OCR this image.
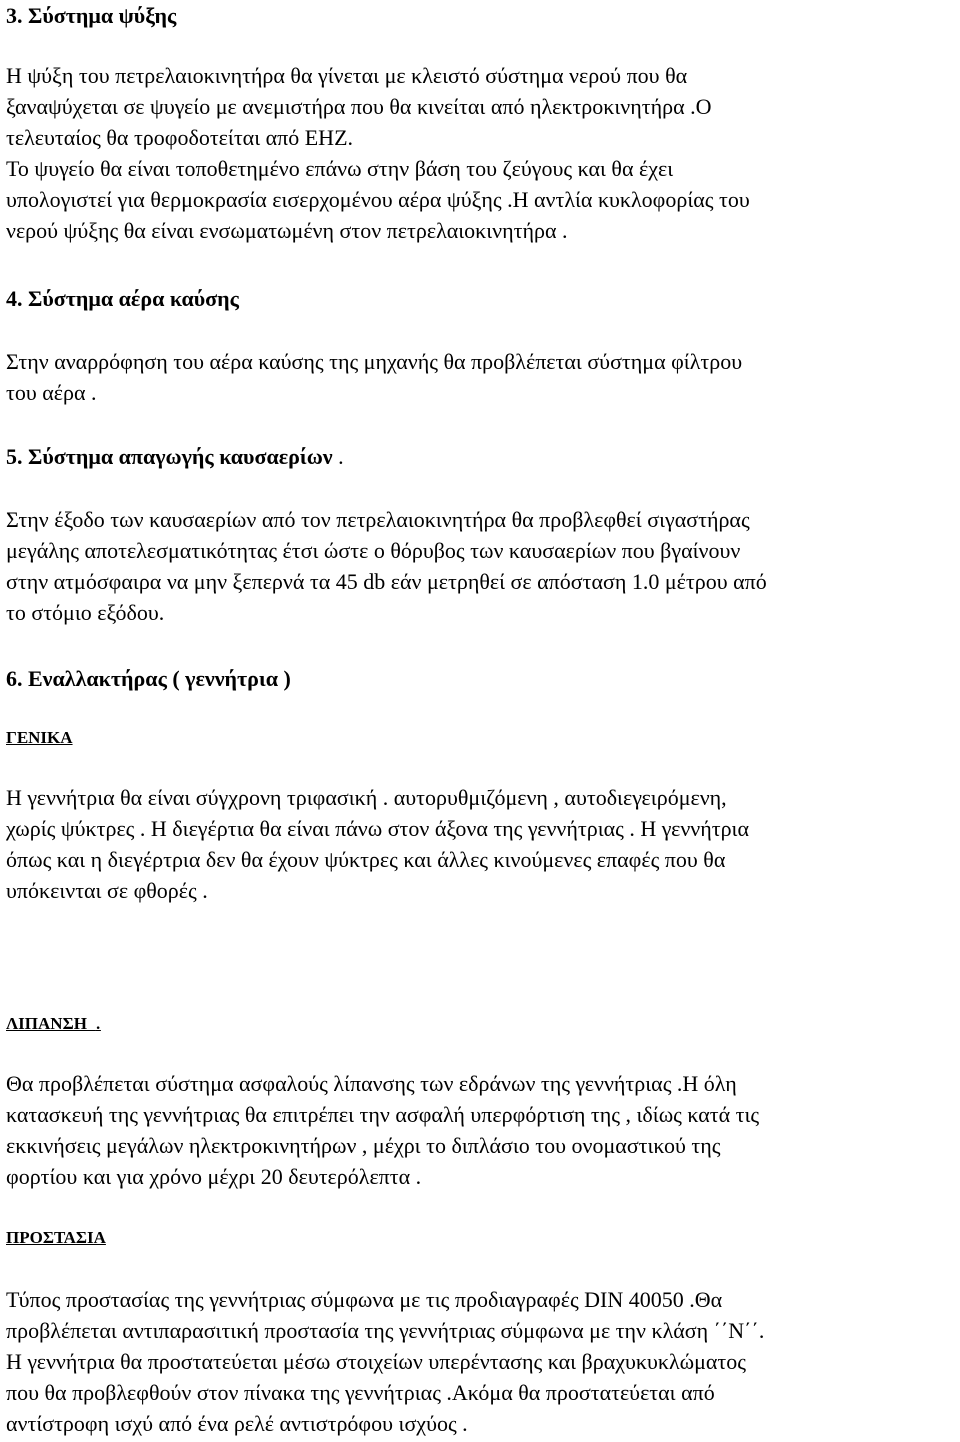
3. Σύστημα ψύξης
Η ψύξη του πετρελαιοκινητήρα θα γίνεται με κλειστό σύστημα νερού που θα
ξαναψύχεται σε ψυγείο με ανεμιστήρα που θα κινείται από ηλεκτροκινητήρα .Ο
τελευταίος θα τροφοδοτείται από ΕΗΖ.
Το ψυγείο θα είναι τοποθετημένο επάνω στην βάση του ζεύγους και θα έχει
υπολογιστεί για θερμοκρασία εισερχομένου αέρα ψύξης .Η αντλία κυκλοφορίας του
νερού ψύξης θα είναι ενσωματωμένη στον πετρελαιοκινητήρα .
4. Σύστημα αέρα καύσης
Στην αναρρόφηση του αέρα καύσης της μηχανής θα προβλέπεται σύστημα φίλτρου
του αέρα .
5. Σύστημα απαγωγής καυσαερίων .
Στην έξοδο των καυσαερίων από τον πετρελαιοκινητήρα θα προβλεφθεί σιγαστήρας
μεγάλης αποτελεσματικότητας έτσι ώστε ο θόρυβος των καυσαερίων που βγαίνουν
στην ατμόσφαιρα να μην ξεπερνά τα 45 db εάν μετρηθεί σε απόσταση 1.0 μέτρου από
το στόμιο εξόδου.
6. Εναλλακτήρας ( γεννήτρια )
ΓΕΝΙΚΑ
Η γεννήτρια θα είναι σύγχρονη τριφασική . αυτορυθμιζόμενη , αυτοδιεγειρόμενη,
χωρίς ψύκτρες . Η διεγέρτια θα είναι πάνω στον άξονα της γεννήτριας . Η γεννήτρια
όπως και η διεγέρτρια δεν θα έχουν ψύκτρες και άλλες κινούμενες επαφές που θα
υπόκεινται σε φθορές .
ΛΙΠΑΝΣΗ  .
Θα προβλέπεται σύστημα ασφαλούς λίπανσης των εδράνων της γεννήτριας .Η όλη
κατασκευή της γεννήτριας θα επιτρέπει την ασφαλή υπερφόρτιση της , ιδίως κατά τις
εκκινήσεις μεγάλων ηλεκτροκινητήρων , μέχρι το διπλάσιο του ονομαστικού της
φορτίου και για χρόνο μέχρι 20 δευτερόλεπτα .
ΠΡΟΣΤΑΣΙΑ
Τύπος προστασίας της γεννήτριας σύμφωνα με τις προδιαγραφές DIN 40050 .Θα
προβλέπεται αντιπαρασιτική προστασία της γεννήτριας σύμφωνα με την κλάση ΄΄Ν΄΄.
Η γεννήτρια θα προστατεύεται μέσω στοιχείων υπερέντασης και βραχυκυκλώματος
που θα προβλεφθούν στον πίνακα της γεννήτριας .Ακόμα θα προστατεύεται από
αντίστροφη ισχύ από ένα ρελέ αντιστρόφου ισχύος .
